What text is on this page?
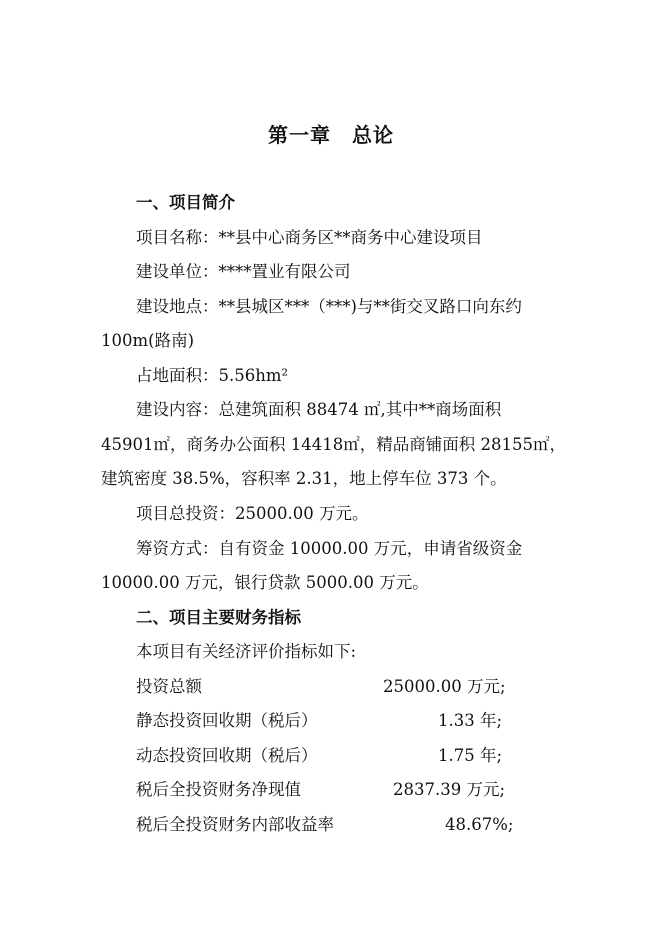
第一章　总论
一、项目简介
项目名称：**县中心商务区**商务中心建设项目
建设单位：****置业有限公司
建设地点：**县城区***（***)与**街交叉路口向东约
100m(路南)
占地面积：5.56hm²
建设内容：总建筑面积 88474 ㎡,其中**商场面积
45901㎡，商务办公面积 14418㎡，精品商铺面积 28155㎡，
建筑密度 38.5%，容积率 2.31，地上停车位 373 个。
项目总投资：25000.00 万元。
筹资方式：自有资金 10000.00 万元，申请省级资金
10000.00 万元，银行贷款 5000.00 万元。
二、项目主要财务指标
本项目有关经济评价指标如下:
投资总额	25000.00 万元;
静态投资回收期（税后）	1.33 年;
动态投资回收期（税后）	1.75 年;
税后全投资财务净现值	2837.39 万元;
税后全投资财务内部收益率	48.67%;
